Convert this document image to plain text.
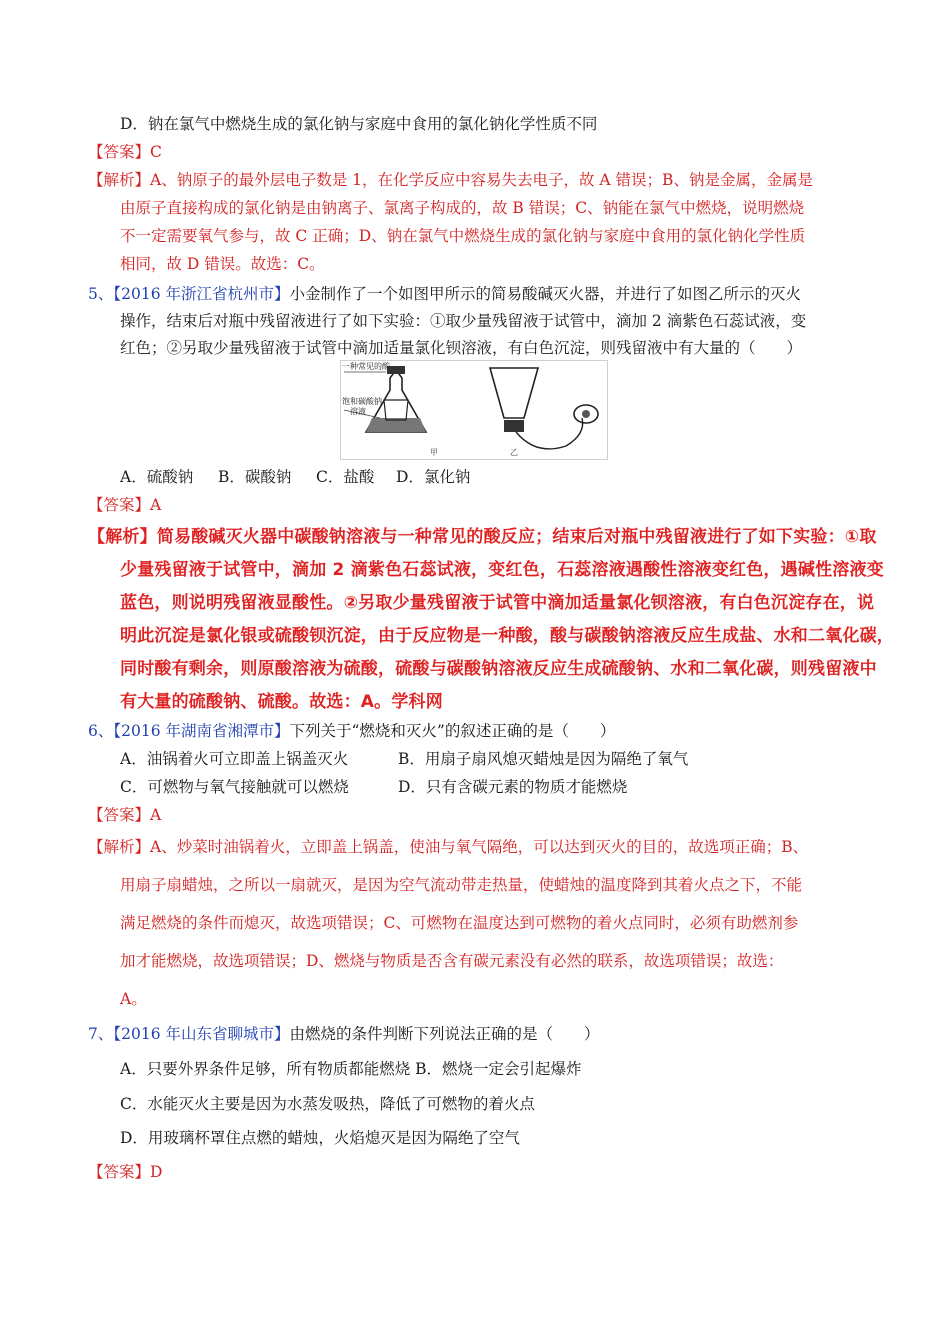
D．钠在氯气中燃烧生成的氯化钠与家庭中食用的氯化钠化学性质不同
【答案】C
【解析】A、钠原子的最外层电子数是 1，在化学反应中容易失去电子，故 A 错误；B、钠是金属，金属是
由原子直接构成的氯化钠是由钠离子、氯离子构成的，故 B 错误；C、钠能在氯气中燃烧，说明燃烧
不一定需要氧气参与，故 C 正确；D、钠在氯气中燃烧生成的氯化钠与家庭中食用的氯化钠化学性质
相同，故 D 错误。故选：C。
5、【2016 年浙江省杭州市】小金制作了一个如图甲所示的简易酸碱灭火器，并进行了如图乙所示的灭火
操作，结束后对瓶中残留液进行了如下实验：①取少量残留液于试管中，滴加 2 滴紫色石蕊试液，变
红色；②另取少量残留液于试管中滴加适量氯化钡溶液，有白色沉淀，则残留液中有大量的（　　）
一种常见的酸
饱和碳酸钠
溶液
甲	乙
A．硫酸钠 B．碳酸钠 C．盐酸 D．氯化钠
【答案】A
【解析】简易酸碱灭火器中碳酸钠溶液与一种常见的酸反应；结束后对瓶中残留液进行了如下实验：①取
少量残留液于试管中，滴加 2 滴紫色石蕊试液，变红色，石蕊溶液遇酸性溶液变红色，遇碱性溶液变
蓝色，则说明残留液显酸性。②另取少量残留液于试管中滴加适量氯化钡溶液，有白色沉淀存在，说
明此沉淀是氯化银或硫酸钡沉淀，由于反应物是一种酸，酸与碳酸钠溶液反应生成盐、水和二氧化碳，
同时酸有剩余，则原酸溶液为硫酸，硫酸与碳酸钠溶液反应生成硫酸钠、水和二氧化碳，则残留液中
有大量的硫酸钠、硫酸。故选：A。学科网
6、【2016 年湖南省湘潭市】下列关于“燃烧和灭火”的叙述正确的是（　　）
A．油锅着火可立即盖上锅盖灭火	B．用扇子扇风熄灭蜡烛是因为隔绝了氧气
C．可燃物与氧气接触就可以燃烧	D．只有含碳元素的物质才能燃烧
【答案】A
【解析】A、炒菜时油锅着火，立即盖上锅盖，使油与氧气隔绝，可以达到灭火的目的，故选项正确；B、
用扇子扇蜡烛，之所以一扇就灭，是因为空气流动带走热量，使蜡烛的温度降到其着火点之下，不能
满足燃烧的条件而熄灭，故选项错误；C、可燃物在温度达到可燃物的着火点同时，必须有助燃剂参
加才能燃烧，故选项错误；D、燃烧与物质是否含有碳元素没有必然的联系，故选项错误；故选：
A。
7、【2016 年山东省聊城市】由燃烧的条件判断下列说法正确的是（　　）
A．只要外界条件足够，所有物质都能燃烧 B．燃烧一定会引起爆炸
C．水能灭火主要是因为水蒸发吸热，降低了可燃物的着火点
D．用玻璃杯罩住点燃的蜡烛，火焰熄灭是因为隔绝了空气
【答案】D
